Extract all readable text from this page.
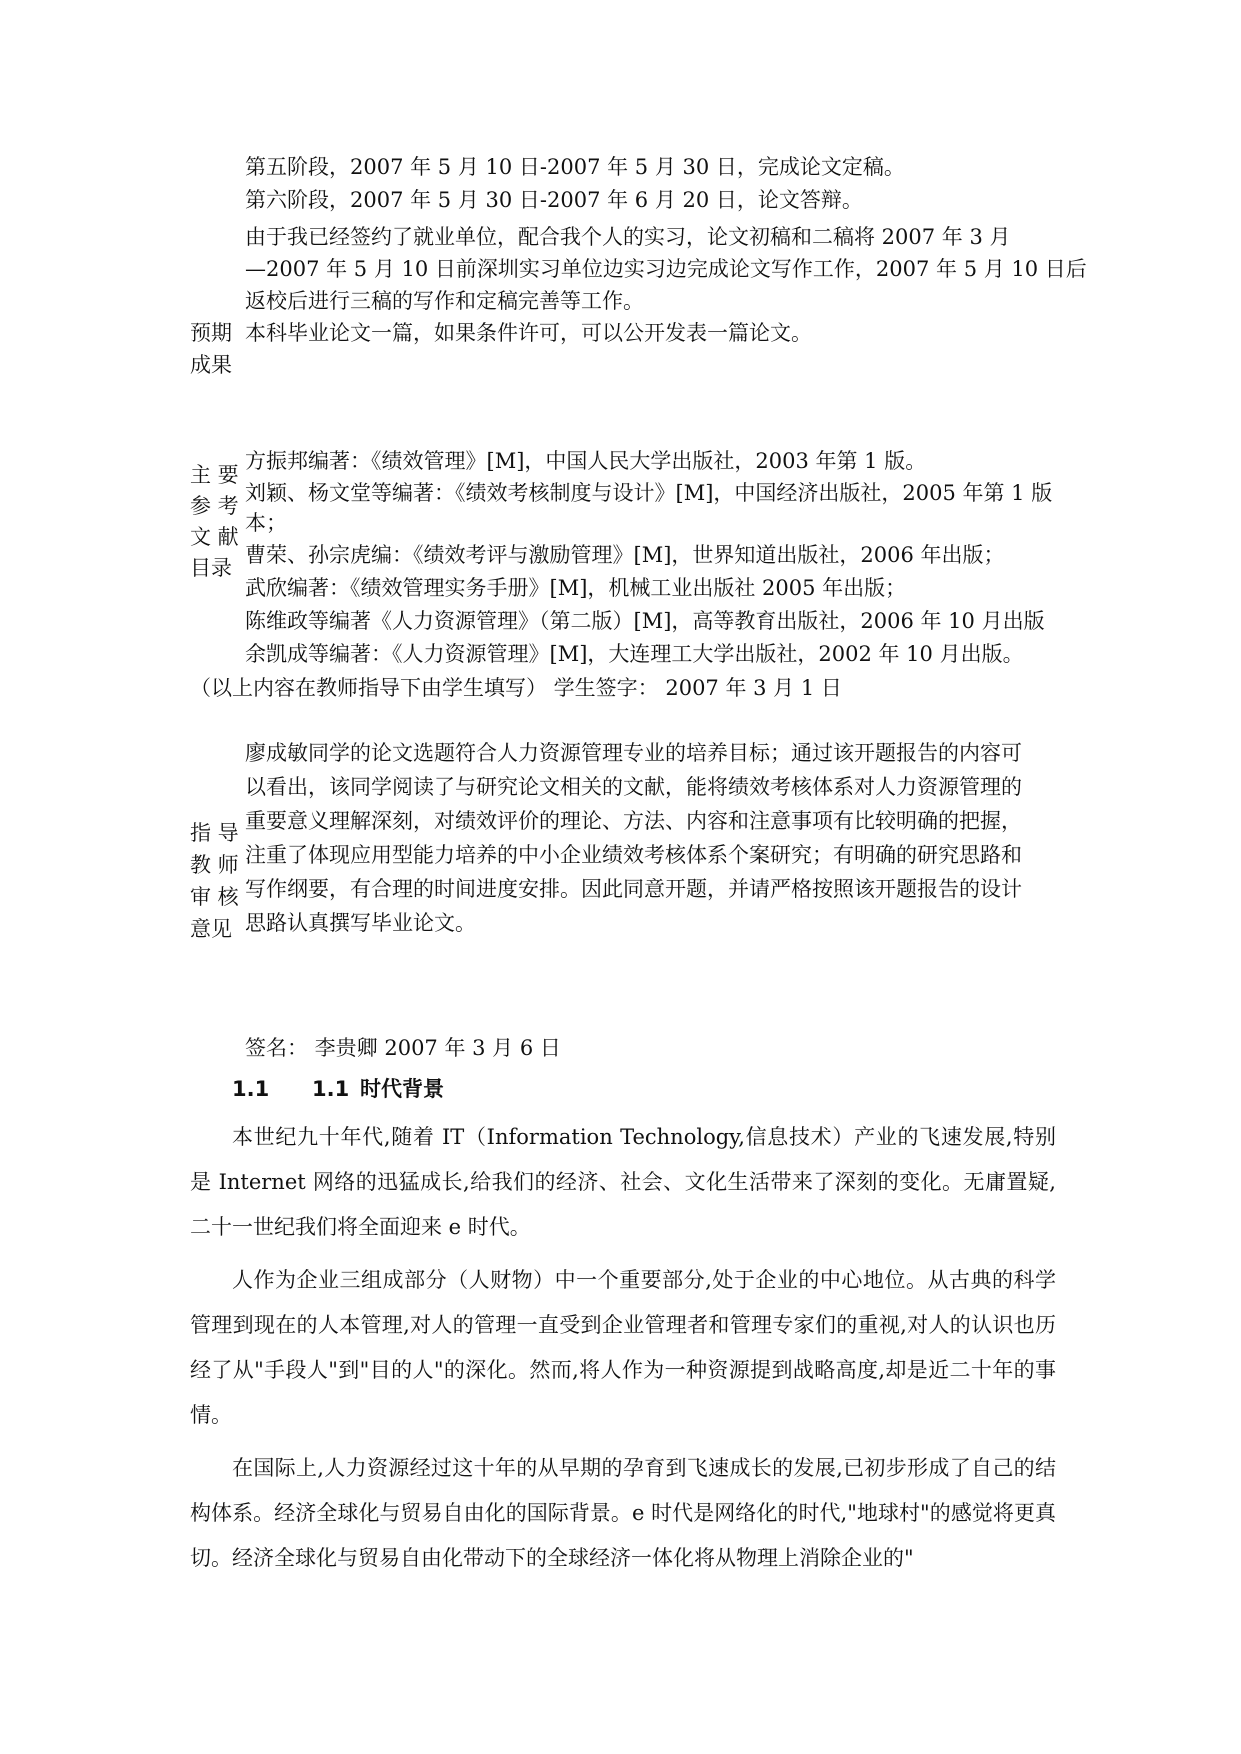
第五阶段，2007 年 5 月 10 日-2007 年 5 月 30 日，完成论文定稿。
第六阶段，2007 年 5 月 30 日-2007 年 6 月 20 日，论文答辩。
由于我已经签约了就业单位，配合我个人的实习，论文初稿和二稿将 2007 年 3 月
—2007 年 5 月 10 日前深圳实习单位边实习边完成论文写作工作，2007 年 5 月 10 日后
返校后进行三稿的写作和定稿完善等工作。
预期
成果
本科毕业论文一篇，如果条件许可，可以公开发表一篇论文。
主 要
参 考
文 献
目录
方振邦编著：《绩效管理》[M]，中国人民大学出版社，2003 年第 1 版。
刘颖、杨文堂等编著：《绩效考核制度与设计》[M]，中国经济出版社，2005 年第 1 版
本；
曹荣、孙宗虎编：《绩效考评与激励管理》[M]，世界知道出版社，2006 年出版；
武欣编著：《绩效管理实务手册》[M]，机械工业出版社 2005 年出版；
陈维政等编著《人力资源管理》（第二版）[M]，高等教育出版社，2006 年 10 月出版
余凯成等编著：《人力资源管理》[M]，大连理工大学出版社，2002 年 10 月出版。
（以上内容在教师指导下由学生填写） 学生签字： 2007 年 3 月 1 日
廖成敏同学的论文选题符合人力资源管理专业的培养目标；通过该开题报告的内容可
以看出，该同学阅读了与研究论文相关的文献，能将绩效考核体系对人力资源管理的
重要意义理解深刻，对绩效评价的理论、方法、内容和注意事项有比较明确的把握，
注重了体现应用型能力培养的中小企业绩效考核体系个案研究；有明确的研究思路和
写作纲要，有合理的时间进度安排。因此同意开题，并请严格按照该开题报告的设计
思路认真撰写毕业论文。
指 导
教 师
审 核
意见
签名： 李贵卿 2007 年 3 月 6 日
1.1 1.1 时代背景

本世纪九十年代,随着 IT（Information Technology,信息技术）产业的飞速发展,特别是 Internet 网络的迅猛成长,给我们的经济、社会、文化生活带来了深刻的变化。无庸置疑,二十一世纪我们将全面迎来 e 时代。

人作为企业三组成部分（人财物）中一个重要部分,处于企业的中心地位。从古典的科学管理到现在的人本管理,对人的管理一直受到企业管理者和管理专家们的重视,对人的认识也历经了从"手段人"到"目的人"的深化。然而,将人作为一种资源提到战略高度,却是近二十年的事情。

在国际上,人力资源经过这十年的从早期的孕育到飞速成长的发展,已初步形成了自己的结构体系。经济全球化与贸易自由化的国际背景。e 时代是网络化的时代,"地球村"的感觉将更真切。经济全球化与贸易自由化带动下的全球经济一体化将从物理上消除企业的"
